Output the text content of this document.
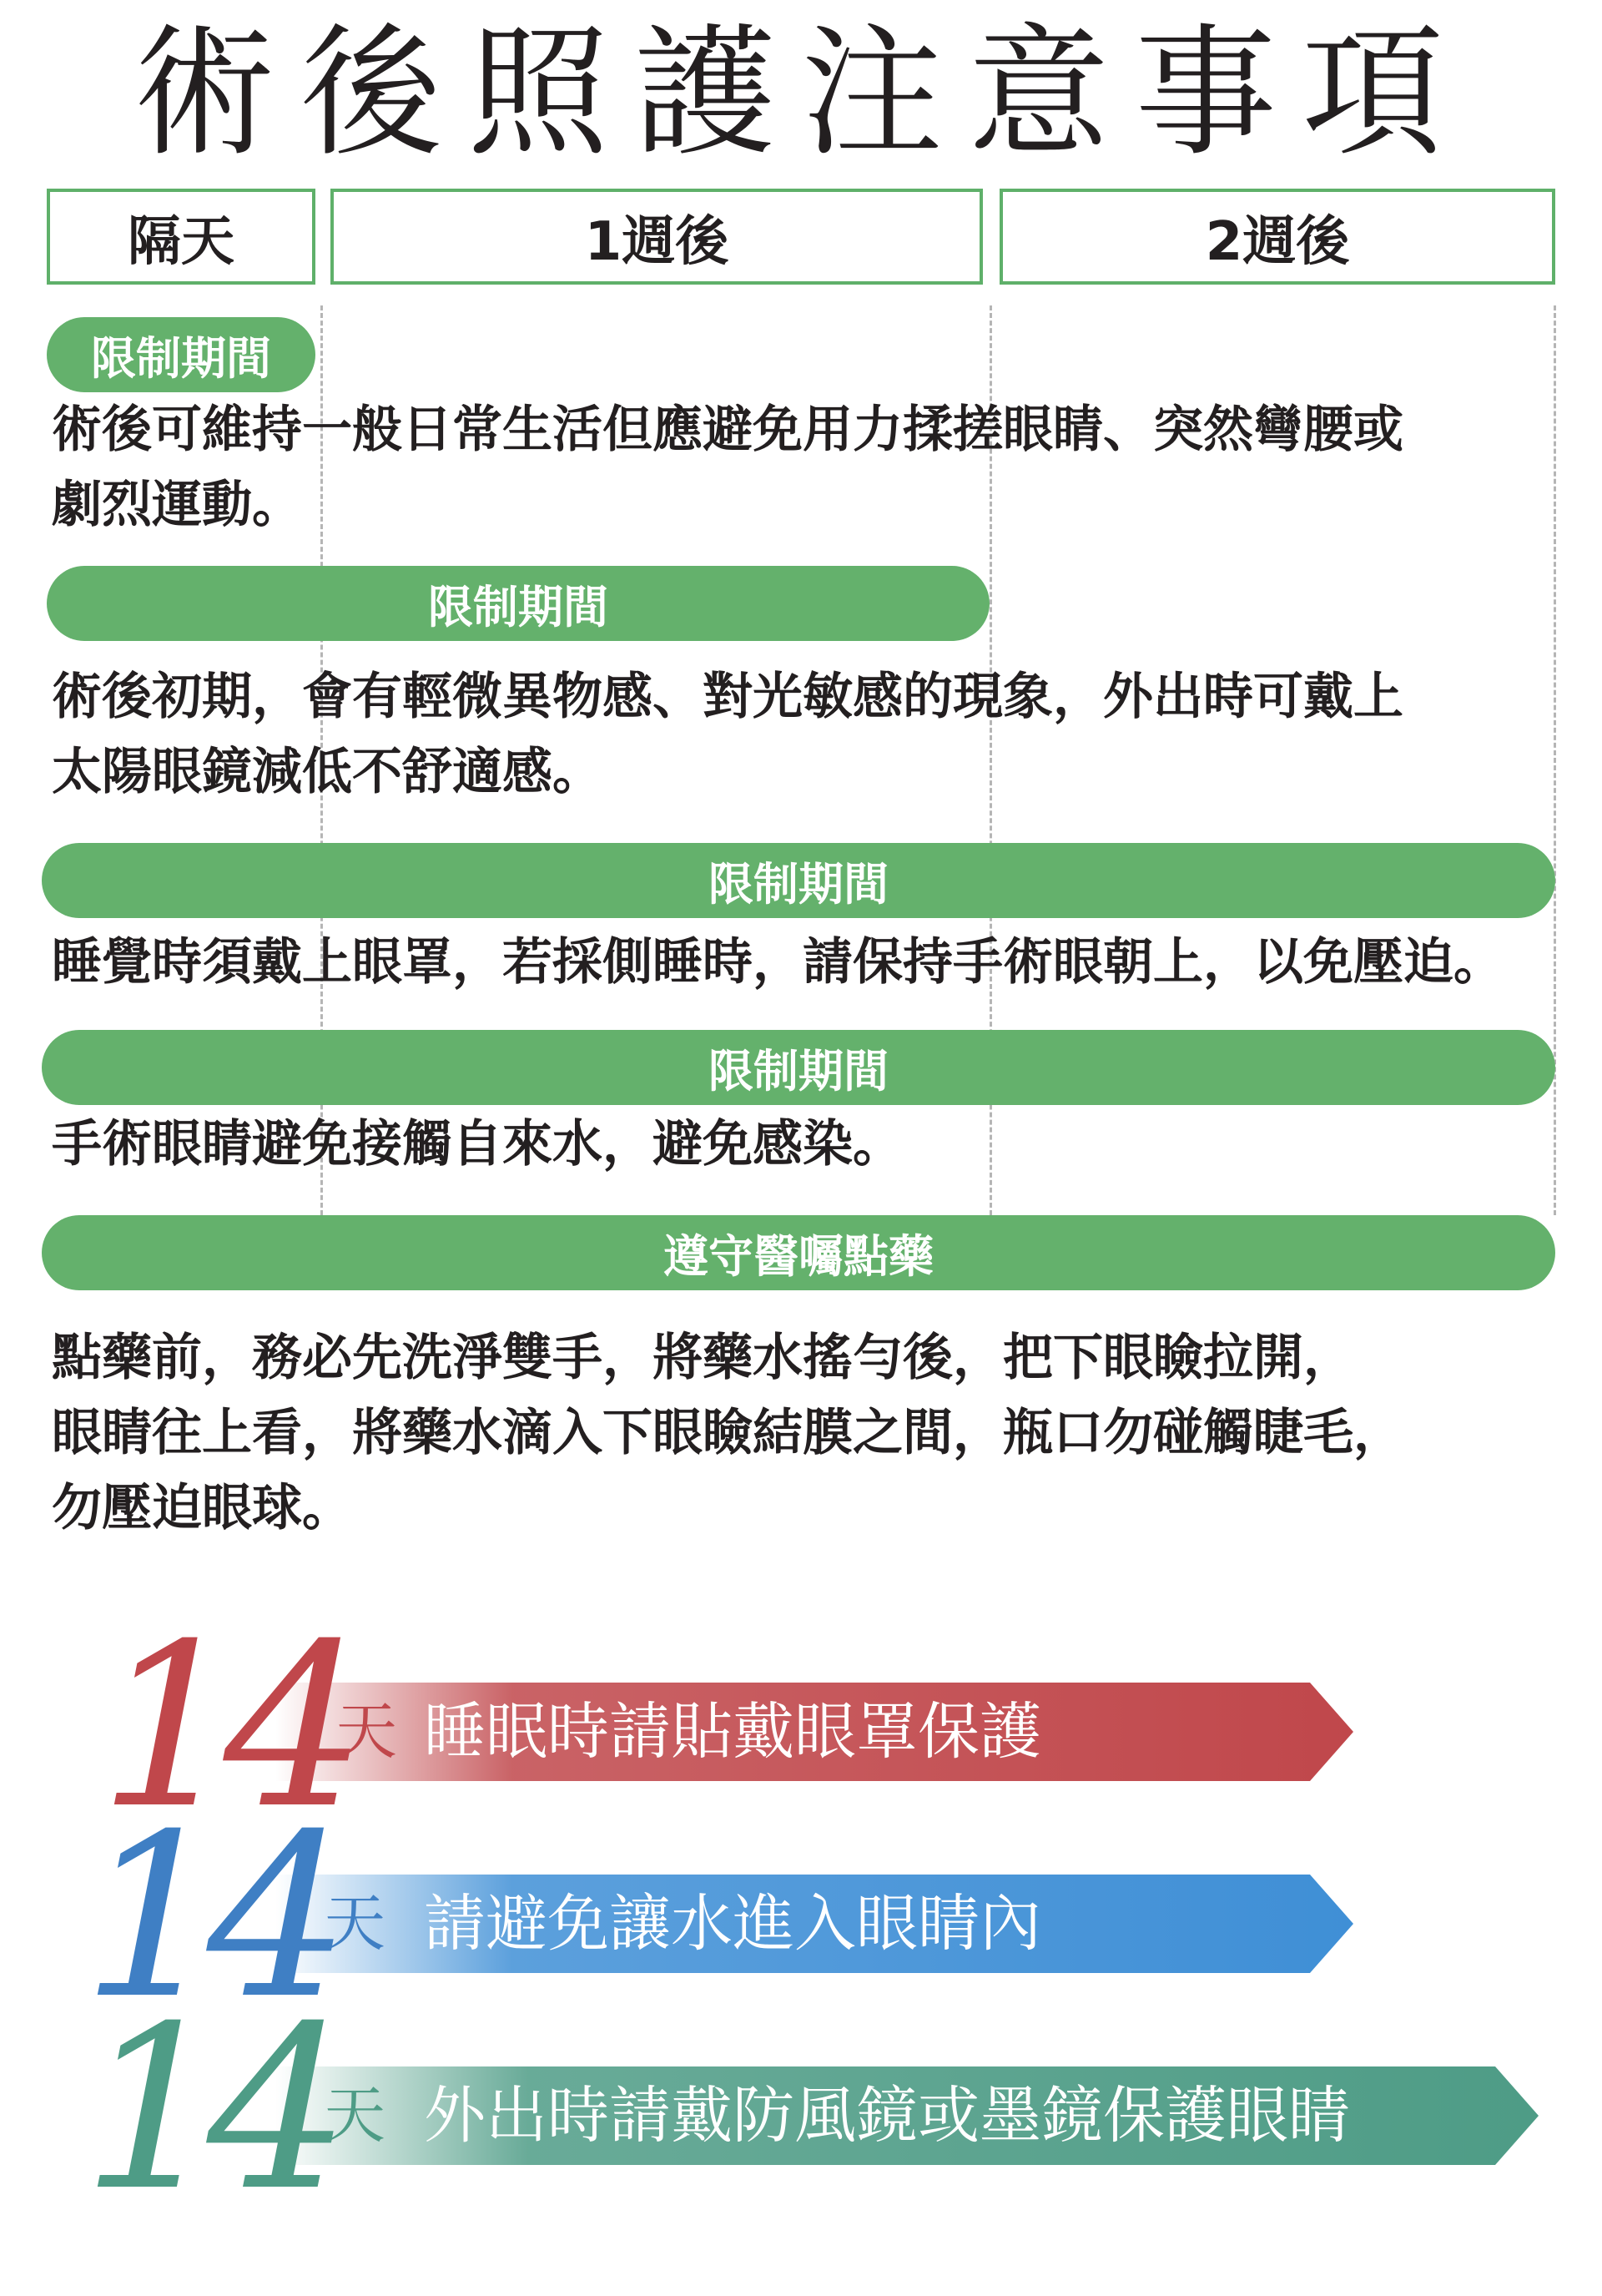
術後照護注意事項
隔天	1週後	2週後
限制期間
術後可維持一般日常生活但應避免用力揉搓眼睛、突然彎腰或
劇烈運動。
限制期間
術後初期，會有輕微異物感、對光敏感的現象，外出時可戴上
太陽眼鏡減低不舒適感。
限制期間
睡覺時須戴上眼罩，若採側睡時，請保持手術眼朝上，以免壓迫。
限制期間
手術眼睛避免接觸自來水，避免感染。
遵守醫囑點藥
點藥前，務必先洗淨雙手，將藥水搖勻後，把下眼瞼拉開，
眼睛往上看，將藥水滴入下眼瞼結膜之間，瓶口勿碰觸睫毛，
勿壓迫眼球。
14
天 睡眠時請貼戴眼罩保護
14
天 請避免讓水進入眼睛內
14
天 外出時請戴防風鏡或墨鏡保護眼睛
